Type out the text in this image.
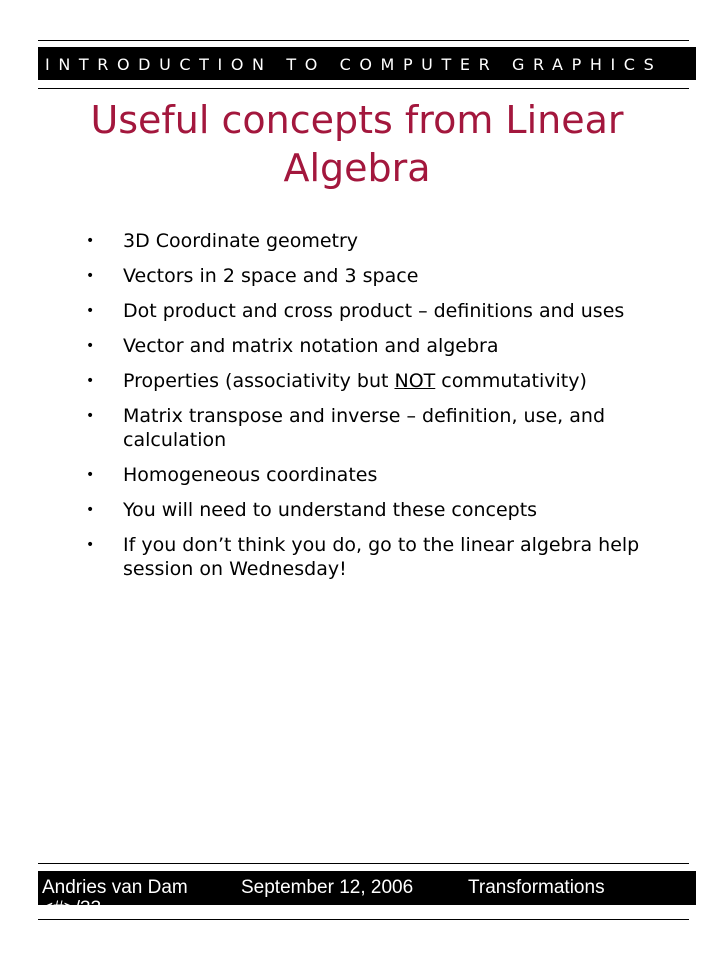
INTRODUCTION TO COMPUTER GRAPHICS
Useful concepts from Linear Algebra
• 3D Coordinate geometry
• Vectors in 2 space and 3 space
• Dot product and cross product – definitions and uses
• Vector and matrix notation and algebra
• Properties (associativity but NOT commutativity)
• Matrix transpose and inverse – definition, use, and calculation
• Homogeneous coordinates
• You will need to understand these concepts
• If you don’t think you do, go to the linear algebra help session on Wednesday!
Andries van Dam	September 12, 2006	Transformations
<#>/33
